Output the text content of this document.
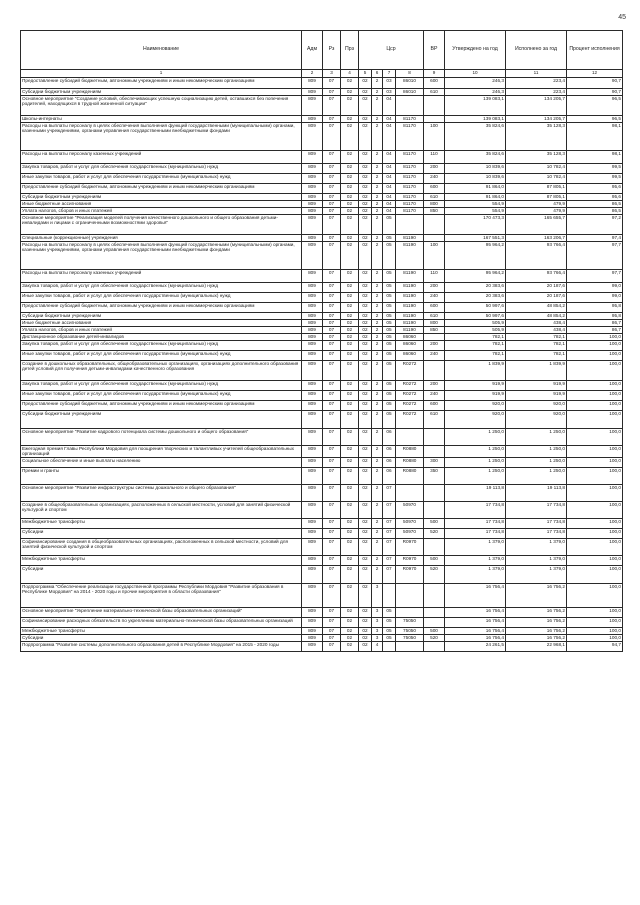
45
Наименование	Адм	Рз	Прз	Цср				ВР	Утверждено на год	Исполнено за год	Процент исполнения
1	2	3	4	5	6	7	8	9	10	11	12
Предоставление субсидий бюджетным, автономным учреждениям и иным некоммерческим организациям	809	07	02	02	2	03	86010	600	246,3	223,4	90,7
Субсидии бюджетным учреждениям	809	07	02	02	2	03	86010	610	246,3	223,4	90,7
Основное мероприятие "Создание условий, обеспечивающих успешную социализацию детей, оставшихся без попечения родителей, находящихся в трудной жизненной ситуации"	809	07	02	02	2	04			139 083,1	134 205,7	96,5
Школы-интернаты	809	07	02	02	2	04	81170		139 083,1	134 205,7	96,5
Расходы на выплаты персоналу в целях обеспечения выполнения функций государственными (муниципальными) органами, казенными учреждениями, органами управления государственными внебюджетными фондами	809	07	02	02	2	04	81170	100	35 824,6	35 128,3	98,1
Расходы на выплаты персоналу казенных учреждений	809	07	02	02	2	04	81170	110	35 824,6	35 128,3	98,1
Закупка товаров, работ и услуг для обеспечения государственных (муниципальных) нужд	809	07	02	02	2	04	81170	200	10 839,6	10 782,4	99,5
Иные закупки товаров, работ и услуг для обеспечения государственных (муниципальных) нужд	809	07	02	02	2	04	81170	240	10 839,6	10 782,4	99,5
Предоставление субсидий бюджетным, автономным учреждениям и иным некоммерческим организациям	809	07	02	02	2	04	81170	600	91 864,0	87 805,1	95,6
Субсидии бюджетным учреждениям	809	07	02	02	2	04	81170	610	91 864,0	87 805,1	95,6
Иные бюджетные ассигнования	809	07	02	02	2	04	81170	800	554,9	479,9	86,5
Уплата налогов, сборов и иных платежей	809	07	02	02	2	04	81170	850	554,9	479,9	86,5
Основное мероприятие "Реализация моделей получения качественного дошкольного и общего образования детьми-инвалидами и лицами с ограниченными возможностями здоровья"	809	07	02	02	2	05			170 473,3	165 655,7	97,2
Специальные (коррекционные) учреждения	809	07	02	02	2	05	81190		167 551,3	163 206,7	97,4
Расходы на выплаты персоналу в целях обеспечения выполнения функций государственными (муниципальными) органами, казенными учреждениями, органами управления государственными внебюджетными фондами	809	07	02	02	2	05	81190	100	95 964,2	93 766,4	97,7
Расходы на выплаты персоналу казенных учреждений	809	07	02	02	2	05	81190	110	95 964,2	93 766,4	97,7
Закупка товаров, работ и услуг для обеспечения государственных (муниципальных) нужд	809	07	02	02	2	05	81190	200	20 383,6	20 187,6	99,0
Иные закупки товаров, работ и услуг для обеспечения государственных (муниципальных) нужд	809	07	02	02	2	05	81190	240	20 383,6	20 187,6	99,0
Предоставление субсидий бюджетным, автономным учреждениям и иным некоммерческим организациям	809	07	02	02	2	05	81190	600	50 997,6	48 854,2	95,8
Субсидии бюджетным учреждениям	809	07	02	02	2	05	81190	610	50 997,6	48 854,2	95,8
Иные бюджетные ассигнования	809	07	02	02	2	05	81190	800	505,9	438,4	86,7
Уплата налогов, сборов и иных платежей	809	07	02	02	2	05	81190	850	505,9	438,4	86,7
Дистанционное образование детей-инвалидов	809	07	02	02	2	05	86060		782,1	782,1	100,0
Закупка товаров, работ и услуг для обеспечения государственных (муниципальных) нужд	809	07	02	02	2	05	86060	200	782,1	782,1	100,0
Иные закупки товаров, работ и услуг для обеспечения государственных (муниципальных) нужд	809	07	02	02	2	05	86060	240	782,1	782,1	100,0
Создание в дошкольных образовательных, общеобразовательных организациях, организациях дополнительного образования детей условий для получения детьми-инвалидами качественного образования	809	07	02	02	2	05	R0272		1 839,9	1 839,9	100,0
Закупка товаров, работ и услуг для обеспечения государственных (муниципальных) нужд	809	07	02	02	2	05	R0272	200	919,9	919,9	100,0
Иные закупки товаров, работ и услуг для обеспечения государственных (муниципальных) нужд	809	07	02	02	2	05	R0272	240	919,9	919,9	100,0
Предоставление субсидий бюджетным, автономным учреждениям и иным некоммерческим организациям	809	07	02	02	2	05	R0272	600	920,0	920,0	100,0
Субсидии бюджетным учреждениям	809	07	02	02	2	05	R0272	610	920,0	920,0	100,0
Основное мероприятие "Развитие кадрового потенциала системы дошкольного и общего образования"	809	07	02	02	2	06			1 250,0	1 250,0	100,0
Ежегодная премия Главы Республики Мордовия для поощрения творческих и талантливых учителей общеобразовательных организаций	809	07	02	02	2	06	R0880		1 250,0	1 250,0	100,0
Социальное обеспечение и иные выплаты населению	809	07	02	02	2	06	R0880	300	1 250,0	1 250,0	100,0
Премии и гранты	809	07	02	02	2	06	R0880	350	1 250,0	1 250,0	100,0
Основное мероприятие "Развитие инфраструктуры системы дошкольного и общего образования"	809	07	02	02	2	07			19 113,8	19 113,8	100,0
Создание в общеобразовательных организациях, расположенных в сельской местности, условий для занятий физической культурой и спортом	809	07	02	02	2	07	50970		17 734,8	17 734,8	100,0
Межбюджетные трансферты	809	07	02	02	2	07	50970	500	17 734,8	17 734,8	100,0
Субсидии	809	07	02	02	2	07	50970	520	17 734,8	17 734,8	100,0
Софинансирование создания в общеобразовательных организациях, расположенных в сельской местности, условий для занятий физической культурой и спортом	809	07	02	02	2	07	R0970		1 379,0	1 379,0	100,0
Межбюджетные трансферты	809	07	02	02	2	07	R0970	500	1 379,0	1 379,0	100,0
Субсидии	809	07	02	02	2	07	R0970	520	1 379,0	1 379,0	100,0
Подпрограмма "Обеспечение реализации государственной программы Республики Мордовия "Развитие образования в Республике Мордовия" на 2014 - 2020 годы и прочие мероприятия в области образования"	809	07	02	02	3				16 756,4	16 756,2	100,0
Основное мероприятие "Укрепление материально-технической базы образовательных организаций"	809	07	02	02	3	05			16 756,4	16 756,2	100,0
Софинансирование расходных обязательств по укреплению материально-технической базы образовательных организаций	809	07	02	02	3	05	75050		16 756,4	16 756,2	100,0
Межбюджетные трансферты	809	07	02	02	3	05	75050	500	16 756,4	16 756,2	100,0
Субсидии	809	07	02	02	3	05	75050	520	16 756,4	16 756,2	100,0
Подпрограмма "Развитие системы дополнительного образования детей в Республике Мордовия" на 2015 - 2020 годы	809	07	02	02	4				24 261,5	22 968,1	94,7
